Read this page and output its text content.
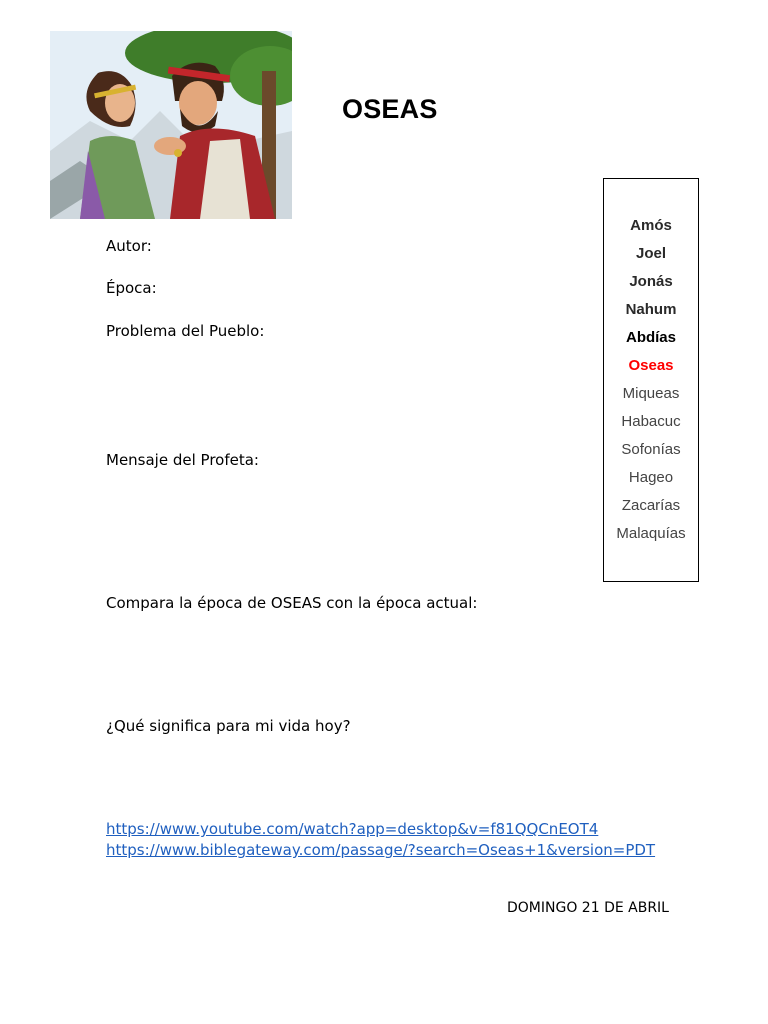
OSEAS
Autor:
Época:
Problema del Pueblo:
Mensaje del Profeta:
Compara la época de OSEAS con la época actual:
¿Qué significa para mi vida hoy?
https://www.youtube.com/watch?app=desktop&v=f81QQCnEOT4
https://www.biblegateway.com/passage/?search=Oseas+1&version=PDT
DOMINGO 21 DE ABRIL
Amós
Joel
Jonás
Nahum
Abdías
Oseas
Miqueas
Habacuc
Sofonías
Hageo
Zacarías
Malaquías
